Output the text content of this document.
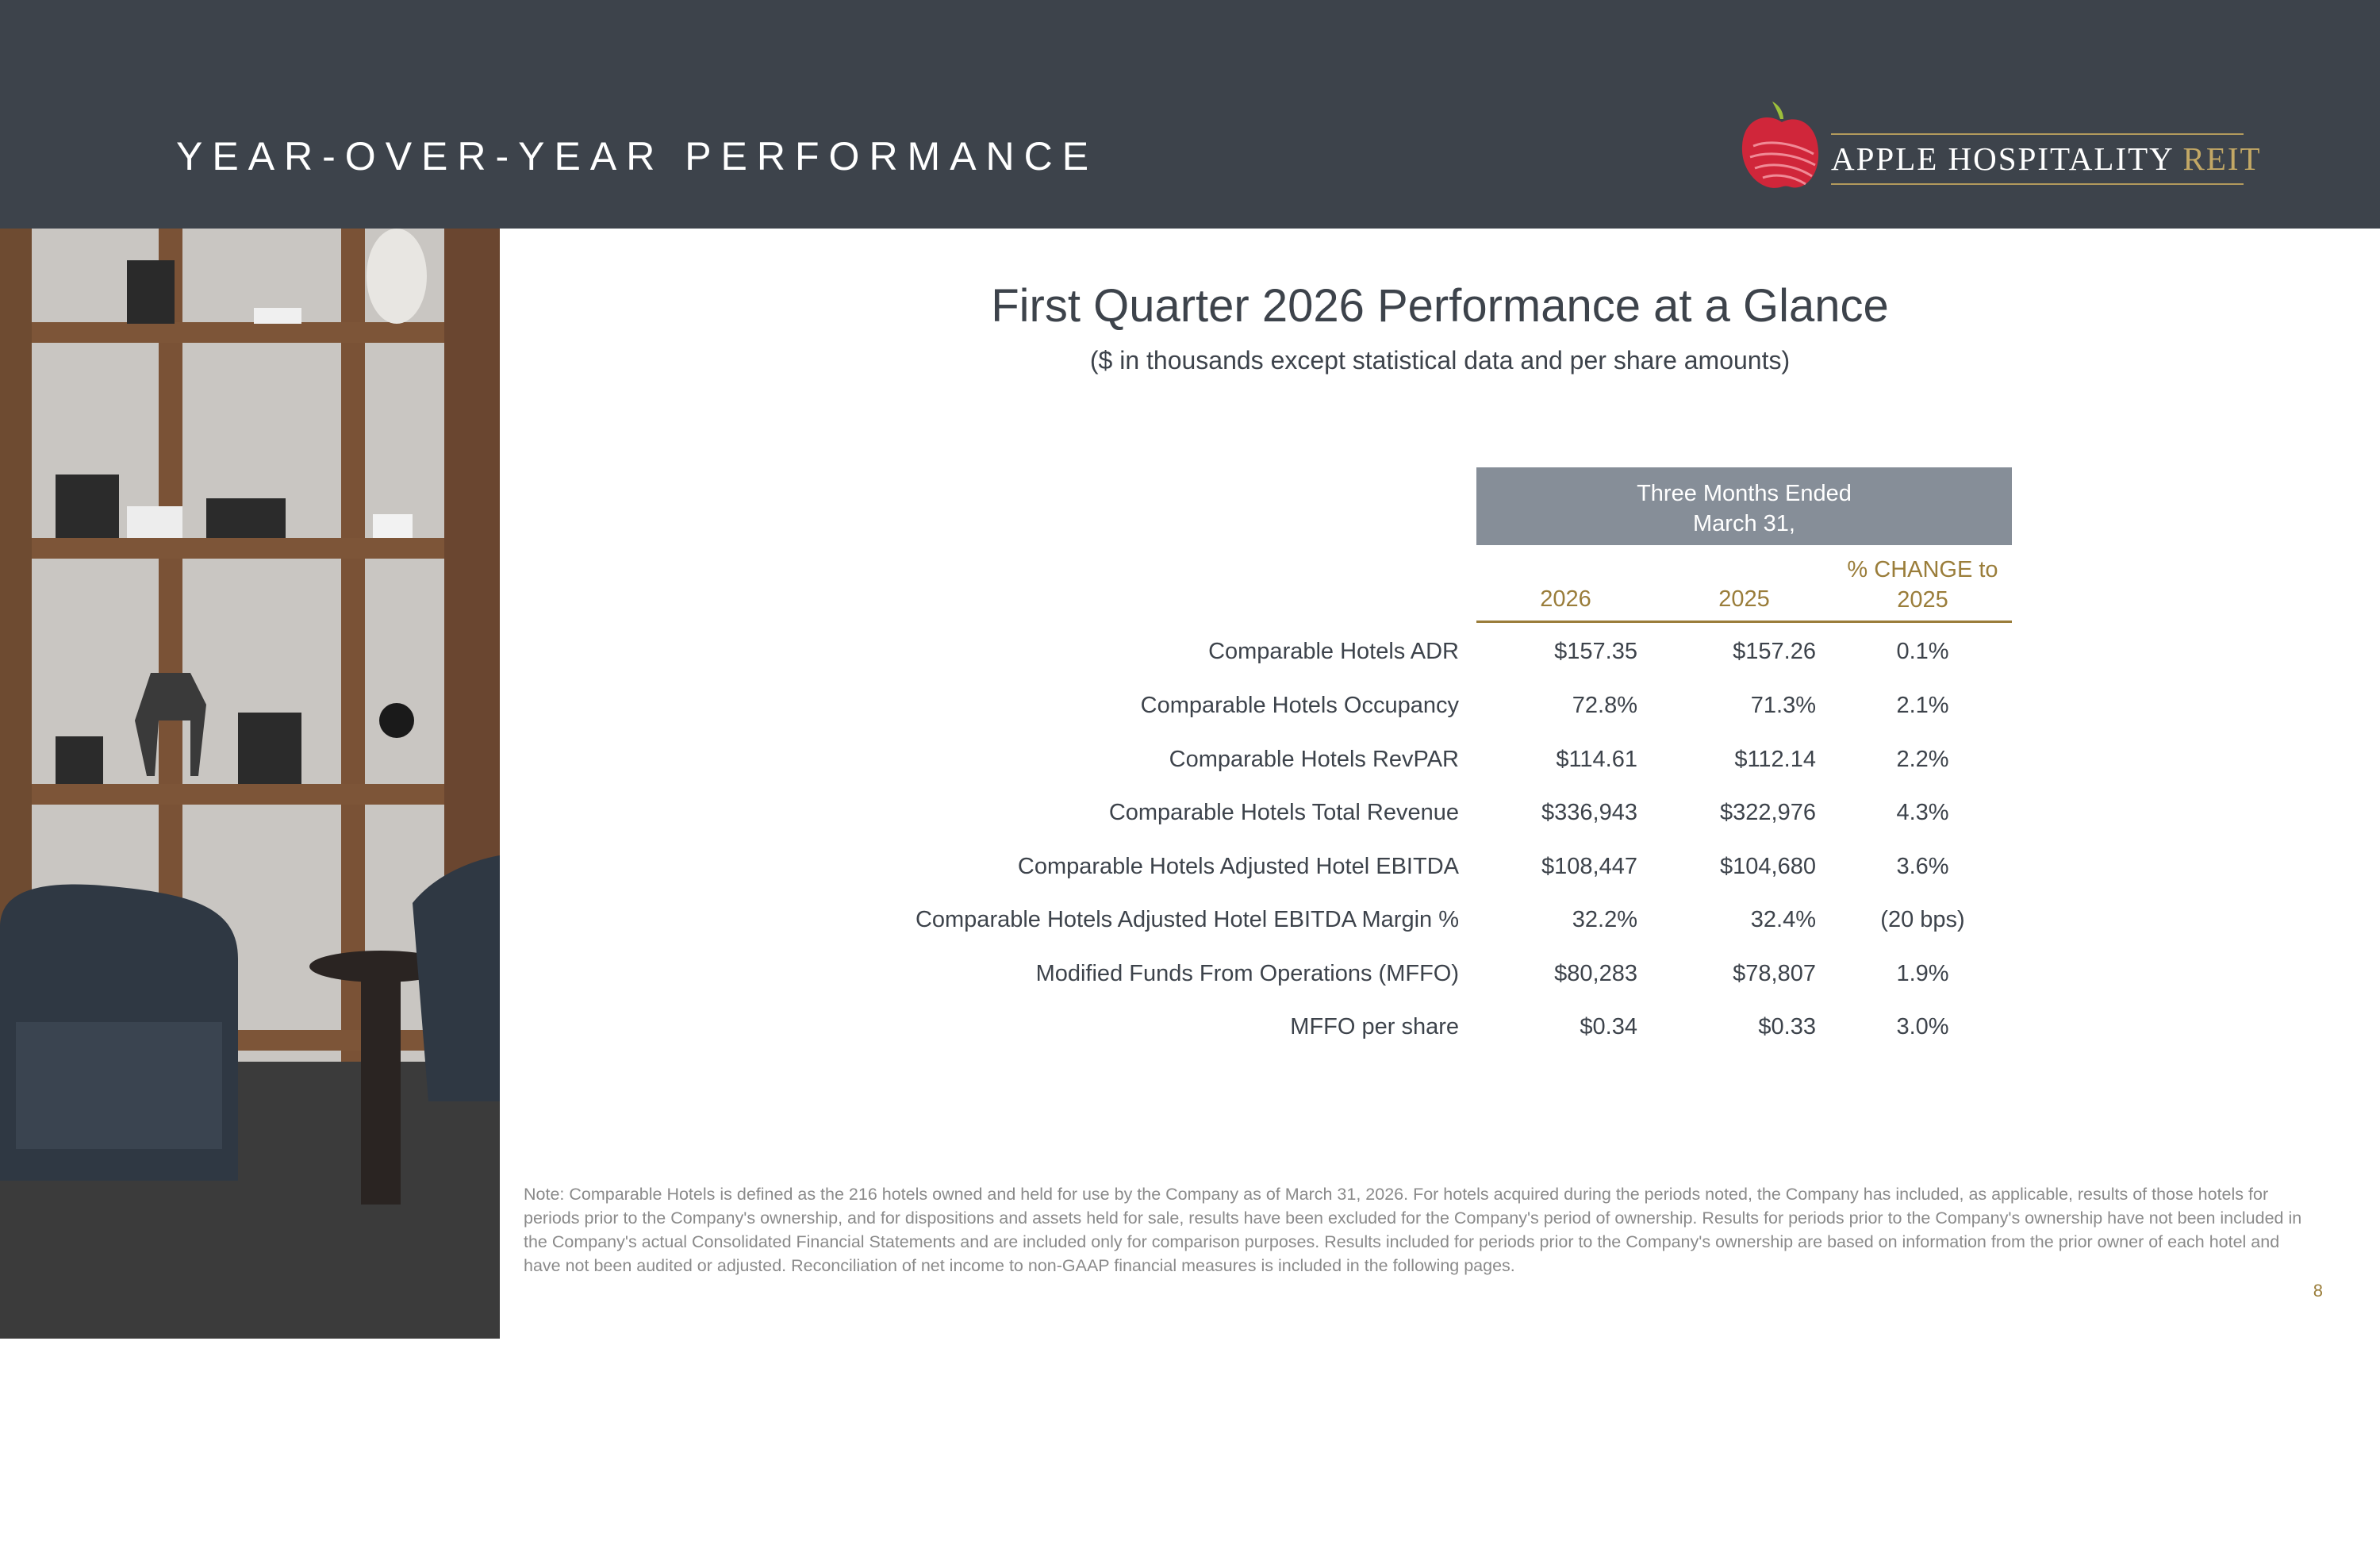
YEAR-OVER-YEAR PERFORMANCE	APPLE HOSPITALITY REIT
COURTYARD AND RESIDENCE INN RICHMOND DOWNTOWN
First Quarter 2026 Performance at a Glance
($ in thousands except statistical data and per share amounts)
Three Months Ended
March 31,
2026	2025
% CHANGE to
2025
Comparable Hotels ADR	$157.35	$157.26	0.1%
Comparable Hotels Occupancy	72.8%	71.3%	2.1%
Comparable Hotels RevPAR	$114.61	$112.14	2.2%
Comparable Hotels Total Revenue	$336,943	$322,976	4.3%
Comparable Hotels Adjusted Hotel EBITDA	$108,447	$104,680	3.6%
Comparable Hotels Adjusted Hotel EBITDA Margin %	32.2%	32.4%	(20 bps)
Modified Funds From Operations (MFFO)	$80,283	$78,807	1.9%
MFFO per share	$0.34	$0.33	3.0%
Note: Comparable Hotels is defined as the 216 hotels owned and held for use by the Company as of March 31, 2026. For hotels acquired during the periods noted, the Company has included, as applicable, results of those hotels for periods prior to the Company's ownership, and for dispositions and assets held for sale, results have been excluded for the Company's period of ownership. Results for periods prior to the Company's ownership have not been included in the Company's actual Consolidated Financial Statements and are included only for comparison purposes. Results included for periods prior to the Company's ownership are based on information from the prior owner of each hotel and have not been audited or adjusted. Reconciliation of net income to non-GAAP financial measures is included in the following pages.
8
